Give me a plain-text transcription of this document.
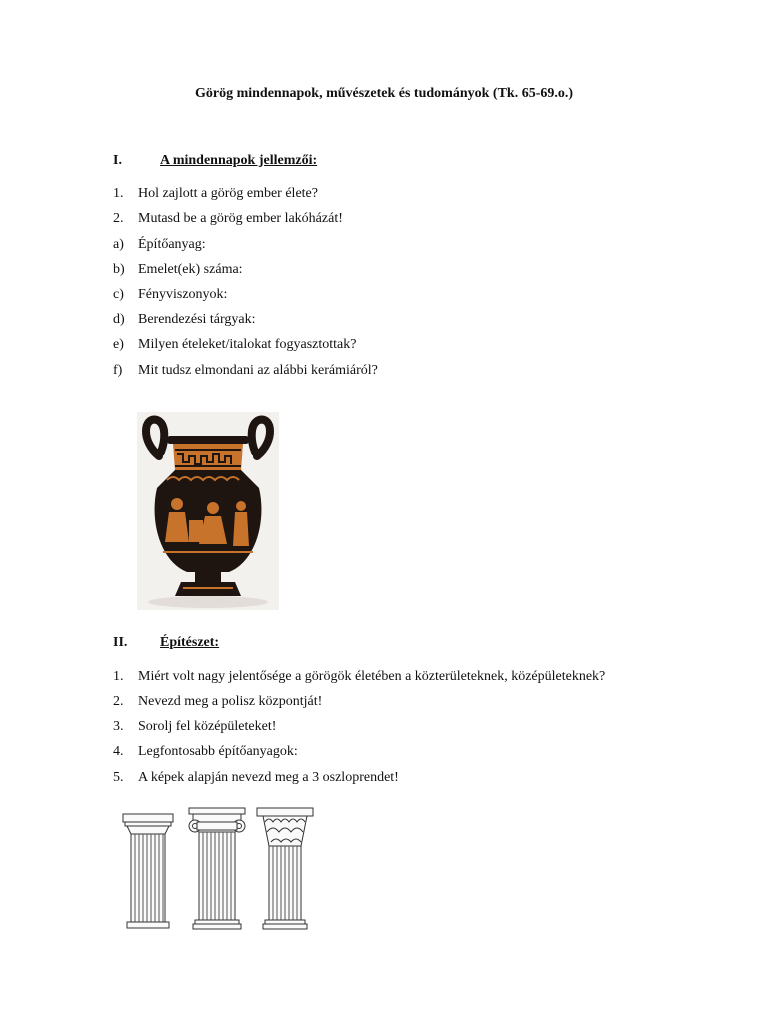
Görög mindennapok, művészetek és tudományok (Tk. 65-69.o.)
I.	A mindennapok jellemzői:
1. Hol zajlott a görög ember élete?
2. Mutasd be a görög ember lakóházát!
a) Építőanyag:
b) Emelet(ek) száma:
c) Fényviszonyok:
d) Berendezési tárgyak:
e) Milyen ételeket/italokat fogyasztottak?
f) Mit tudsz elmondani az alábbi kerámiáról?
II. Építészet:
1. Miért volt nagy jelentősége a görögök életében a közterületeknek, középületeknek?
2. Nevezd meg a polisz központját!
3. Sorolj fel középületeket!
4. Legfontosabb építőanyagok:
5. A képek alapján nevezd meg a 3 oszloprendet!
